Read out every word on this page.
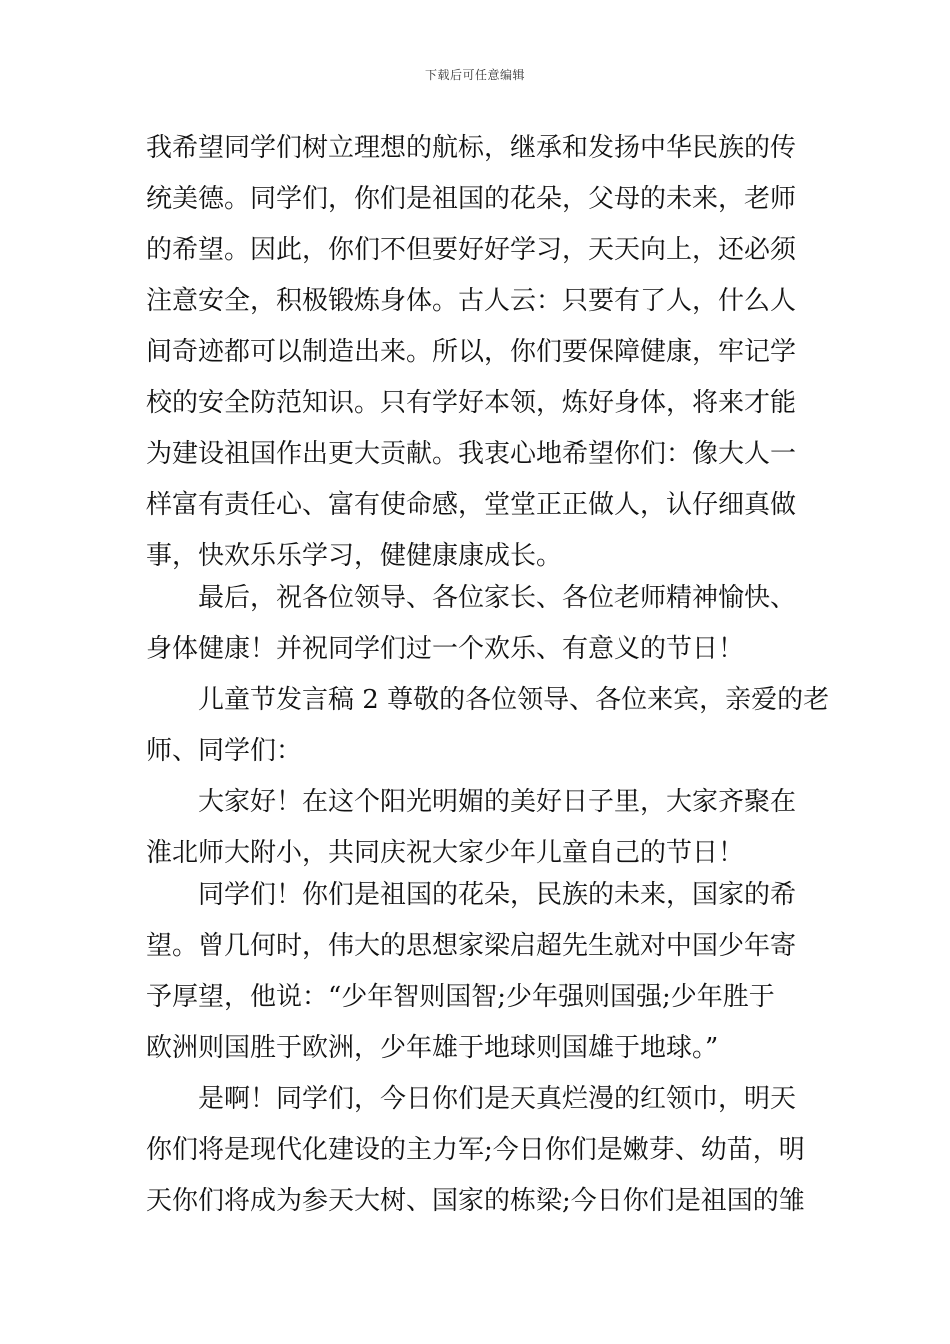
下载后可任意编辑
我希望同学们树立理想的航标，继承和发扬中华民族的传
统美德。同学们，你们是祖国的花朵，父母的未来，老师
的希望。因此，你们不但要好好学习，天天向上，还必须
注意安全，积极锻炼身体。古人云：只要有了人，什么人
间奇迹都可以制造出来。所以，你们要保障健康，牢记学
校的安全防范知识。只有学好本领，炼好身体，将来才能
为建设祖国作出更大贡献。我衷心地希望你们：像大人一
样富有责任心、富有使命感，堂堂正正做人，认仔细真做
事，快欢乐乐学习，健健康康成长。
最后，祝各位领导、各位家长、各位老师精神愉快、
身体健康！并祝同学们过一个欢乐、有意义的节日！
儿童节发言稿 2 尊敬的各位领导、各位来宾，亲爱的老
师、同学们：
大家好！在这个阳光明媚的美好日子里，大家齐聚在
淮北师大附小，共同庆祝大家少年儿童自己的节日！
同学们！你们是祖国的花朵，民族的未来，国家的希
望。曾几何时，伟大的思想家梁启超先生就对中国少年寄
予厚望，他说：“少年智则国智;少年强则国强;少年胜于
欧洲则国胜于欧洲，少年雄于地球则国雄于地球。”
是啊！同学们，今日你们是天真烂漫的红领巾，明天
你们将是现代化建设的主力军;今日你们是嫩芽、幼苗，明
天你们将成为参天大树、国家的栋梁;今日你们是祖国的雏
